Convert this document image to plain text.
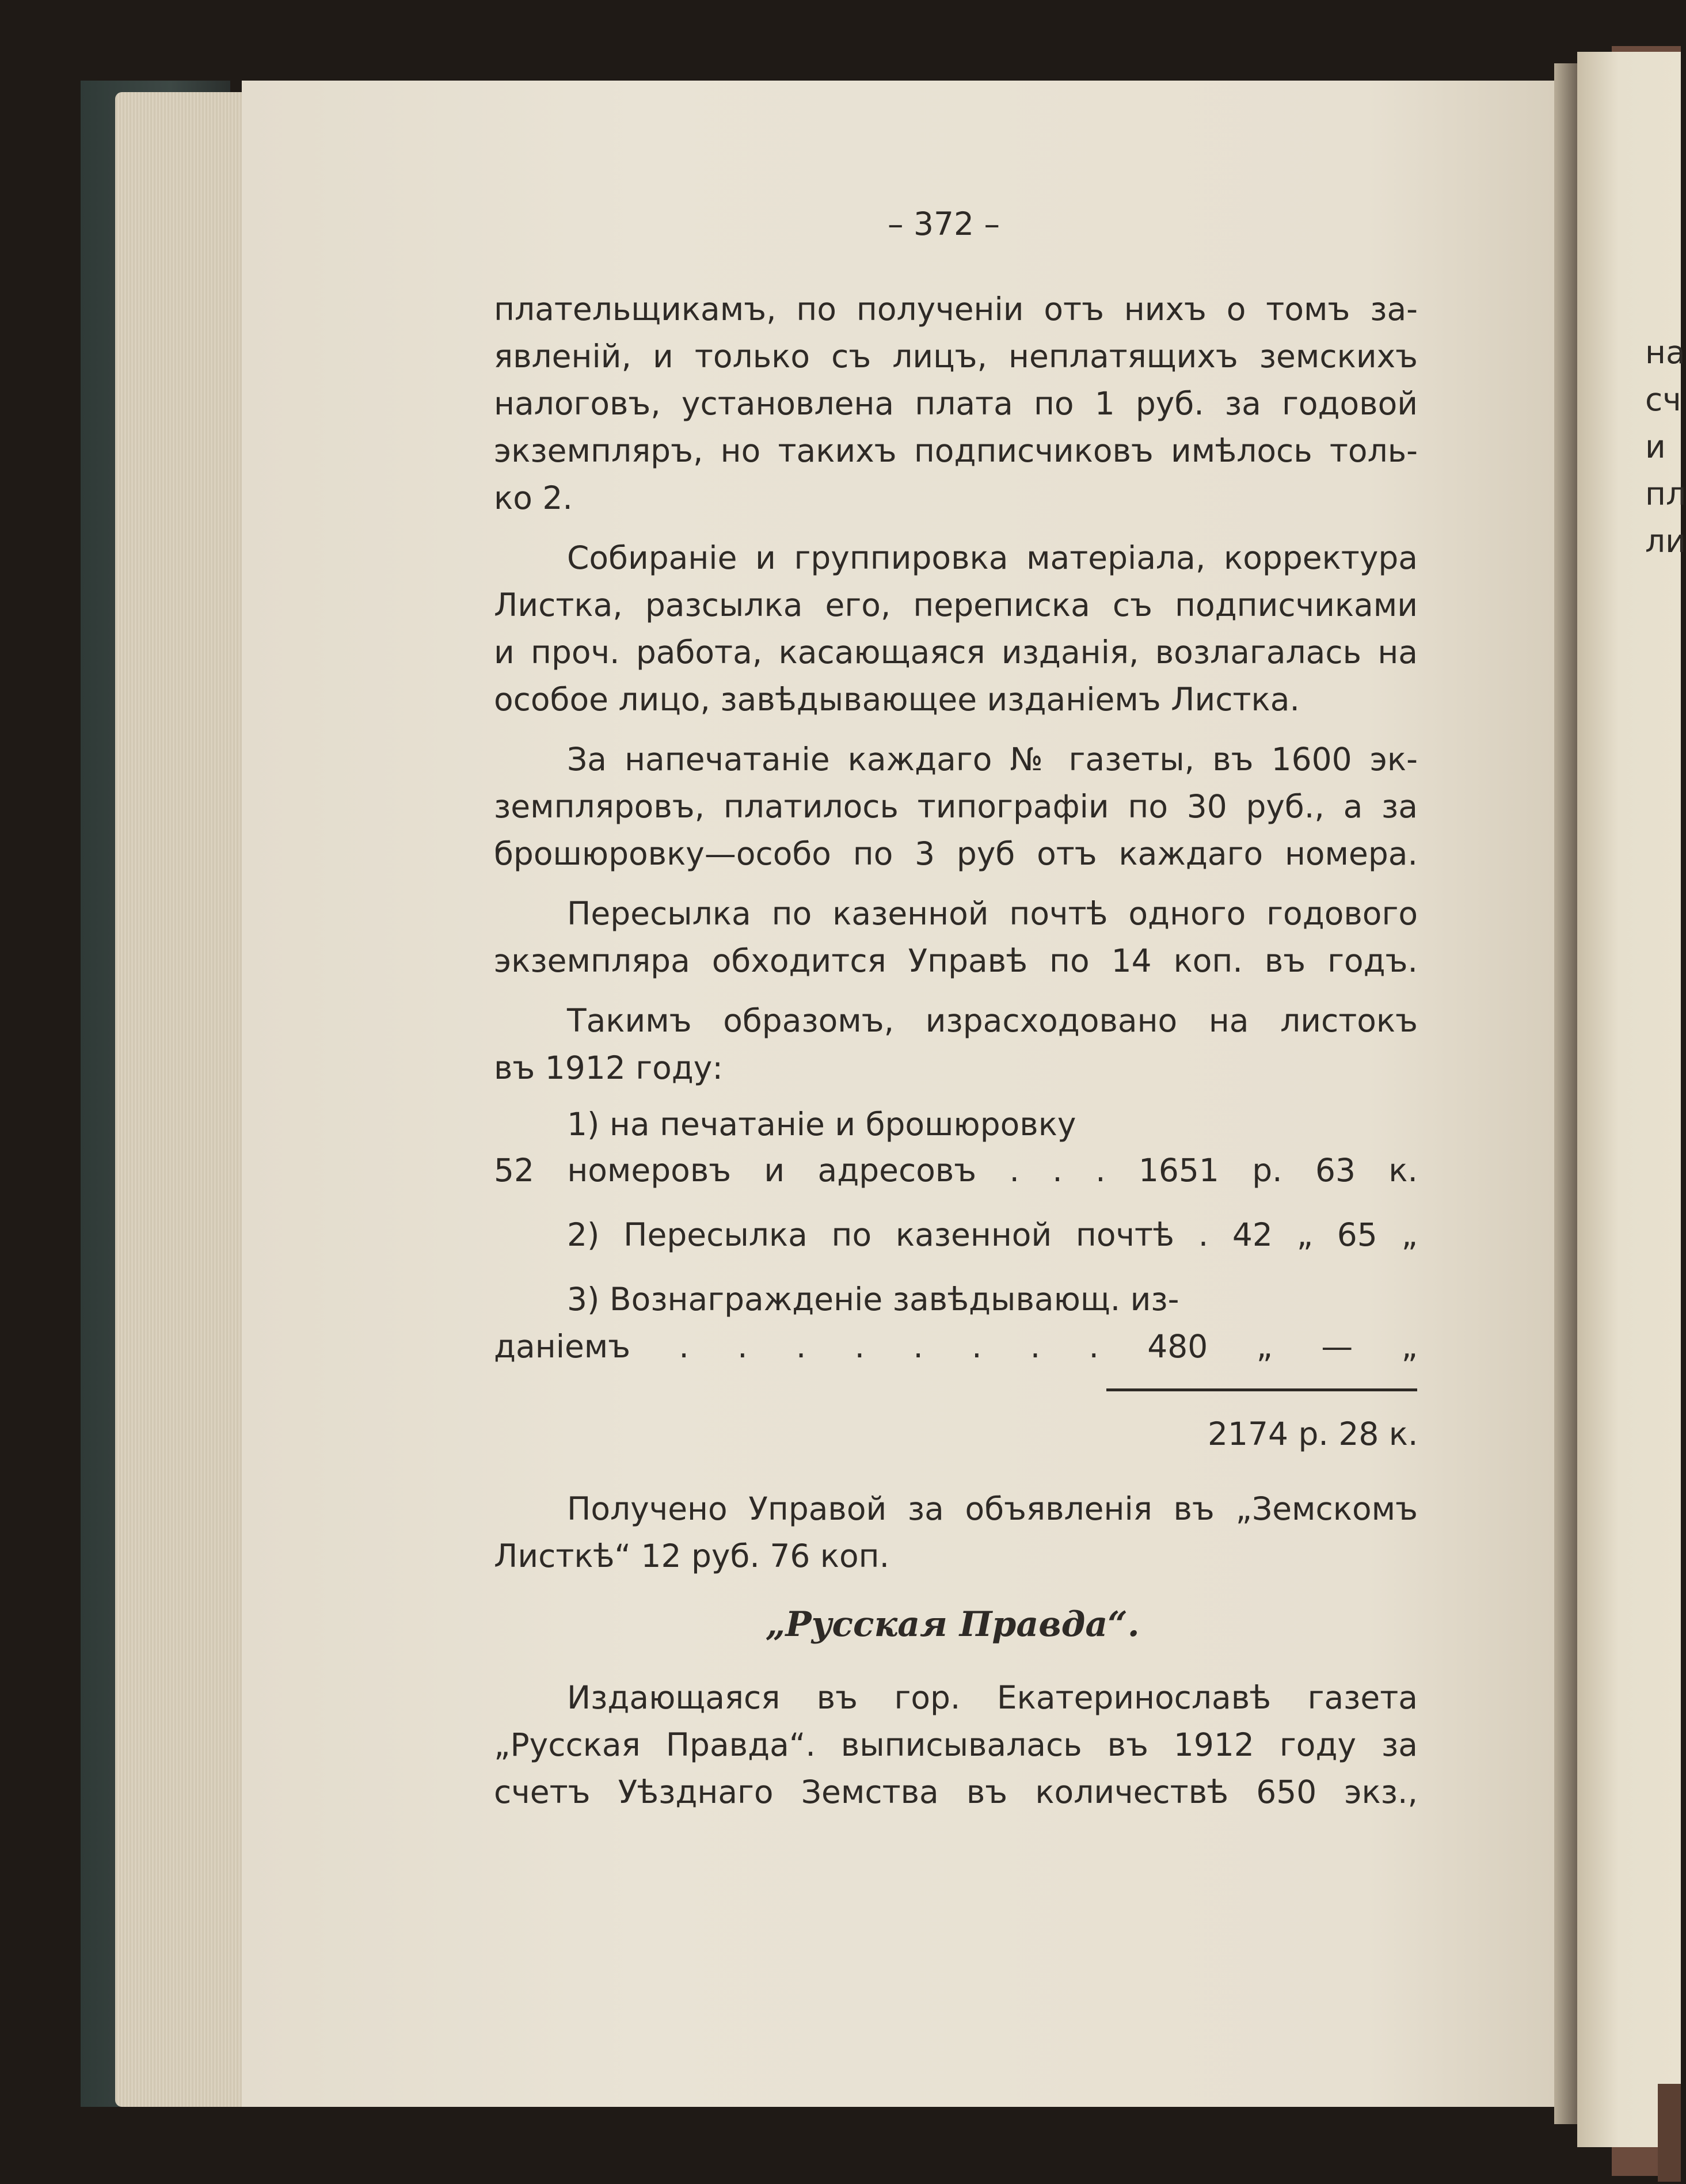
– 372 –
плательщикамъ, по полученіи отъ нихъ о томъ за-
явленій, и только съ лицъ, неплатящихъ земскихъ
налоговъ, установлена плата по 1 руб. за годовой
экземпляръ, но такихъ подписчиковъ имѣлось толь-
ко 2.
Собираніе и группировка матеріала, корректура
Листка, разсылка его, переписка съ подписчиками
и проч. работа, касающаяся изданія, возлагалась на
особое лицо, завѣдывающее изданіемъ Листка.
За напечатаніе каждаго № газеты, въ 1600 эк-
земпляровъ, платилось типографіи по 30 руб., а за
брошюровку—особо по 3 руб отъ каждаго номера.
Пересылка по казенной почтѣ одного годового
экземпляра обходится Управѣ по 14 коп. въ годъ.
Такимъ образомъ, израсходовано на листокъ
въ 1912 году:
1) на печатаніе и брошюровку
52 номеровъ и адресовъ . . . 1651 р. 63 к.
2) Пересылка по казенной почтѣ . 42 „ 65 „
3) Вознагражденіе завѣдывающ. из-
даніемъ . . . . . . . . 480 „ — „
2174 р. 28 к.
Получено Управой за объявленія въ „Земскомъ
Листкѣ“ 12 руб. 76 коп.
„Русская Правда“.
Издающаяся въ гор. Екатеринославѣ газета
„Русская Правда“. выписывалась въ 1912 году за
счетъ Уѣзднаго Земства въ количествѣ 650 экз.,
на
сч
и
пл
ли
